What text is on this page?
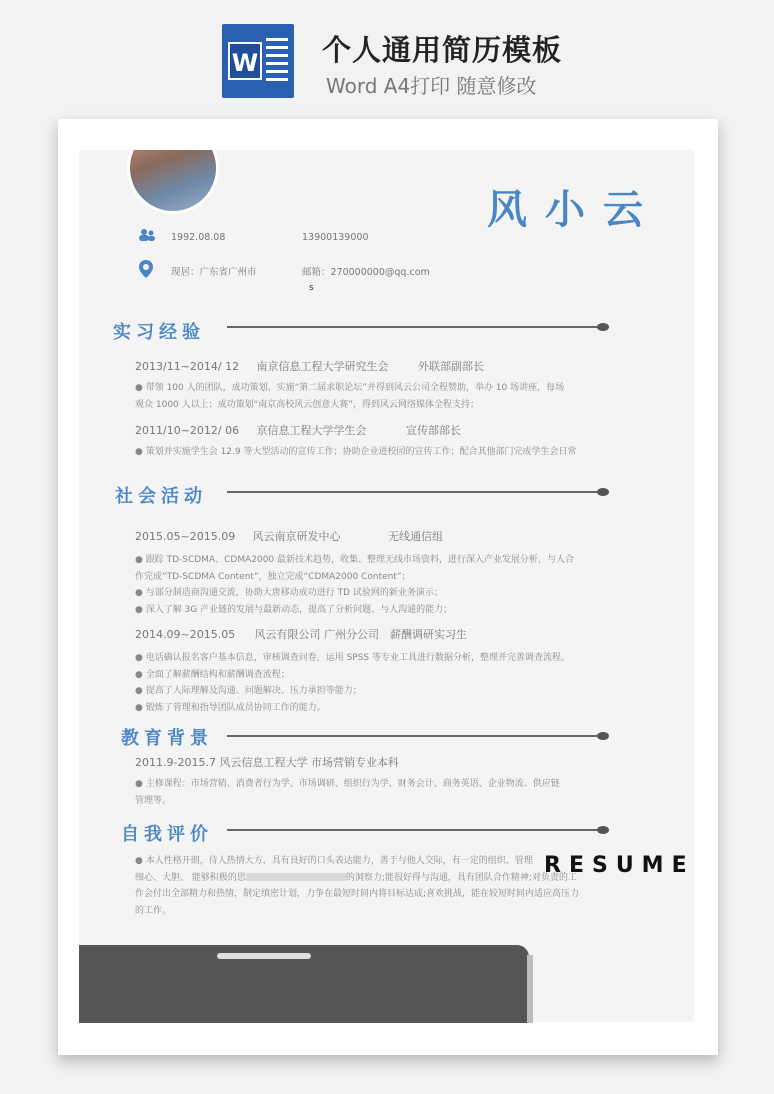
W 个人通用简历模板
Word A4打印 随意修改
风小云
1992.08.08	13900139000
现居：广东省广州市	邮箱：270000000@qq.com
s
实习经验
2013/11~2014/ 12 南京信息工程大学研究生会	外联部副部长

● 带领 100 人的团队，成功策划、实施“第二届求职论坛”并得到风云公司全程赞助，举办 10 场讲座，每场

观众 1000 人以上；成功策划“南京高校风云创意大赛”，得到风云网络媒体全程支持；

2011/10~2012/ 06 京信息工程大学学生会	宣传部部长

● 策划并实施学生会 12.9 等大型活动的宣传工作；协助企业进校园的宣传工作；配合其他部门完成学生会日常

社会活动
2015.05~2015.09 风云南京研发中心	无线通信组

● 跟踪 TD-SCDMA、CDMA2000 最新技术趋势，收集、整理无线市场资料，进行深入产业发展分析，与人合

作完成“TD-SCDMA Content”，独立完成“CDMA2000 Content”；

● 与部分制造商沟通交流，协助大唐移动成功进行 TD 试验网的新业务演示；

● 深入了解 3G 产业链的发展与最新动态，提高了分析问题、与人沟通的能力；

2014.09~2015.05 风云有限公司 广州分公司 薪酬调研实习生

● 电话确认报名客户基本信息，审核调查问卷，运用 SPSS 等专业工具进行数据分析，整理并完善调查流程。

● 全面了解薪酬结构和薪酬调查流程；

● 提高了人际理解及沟通、问题解决、压力承担等能力；

● 锻炼了管理和指导团队成员协同工作的能力。

教育背景
2011.9-2015.7 风云信息工程大学 市场营销专业本科

● 主修课程：市场营销、消费者行为学、市场调研、组织行为学、财务会计、商务英语、企业物流、供应链

管理等。

自我评价

● 本人性格开朗，待人热情大方，具有良好的口头表达能力，善于与他人交际，有一定的组织、管理

细心、大胆、 能够积极的思	的洞察力;能很好得与沟通，具有团队合作精神;对负责的工

作会付出全部精力和热情，制定缜密计划，力争在最短时间内将目标达成;喜欢挑战，能在较短时间内适应高压力

的工作。

RESUME
